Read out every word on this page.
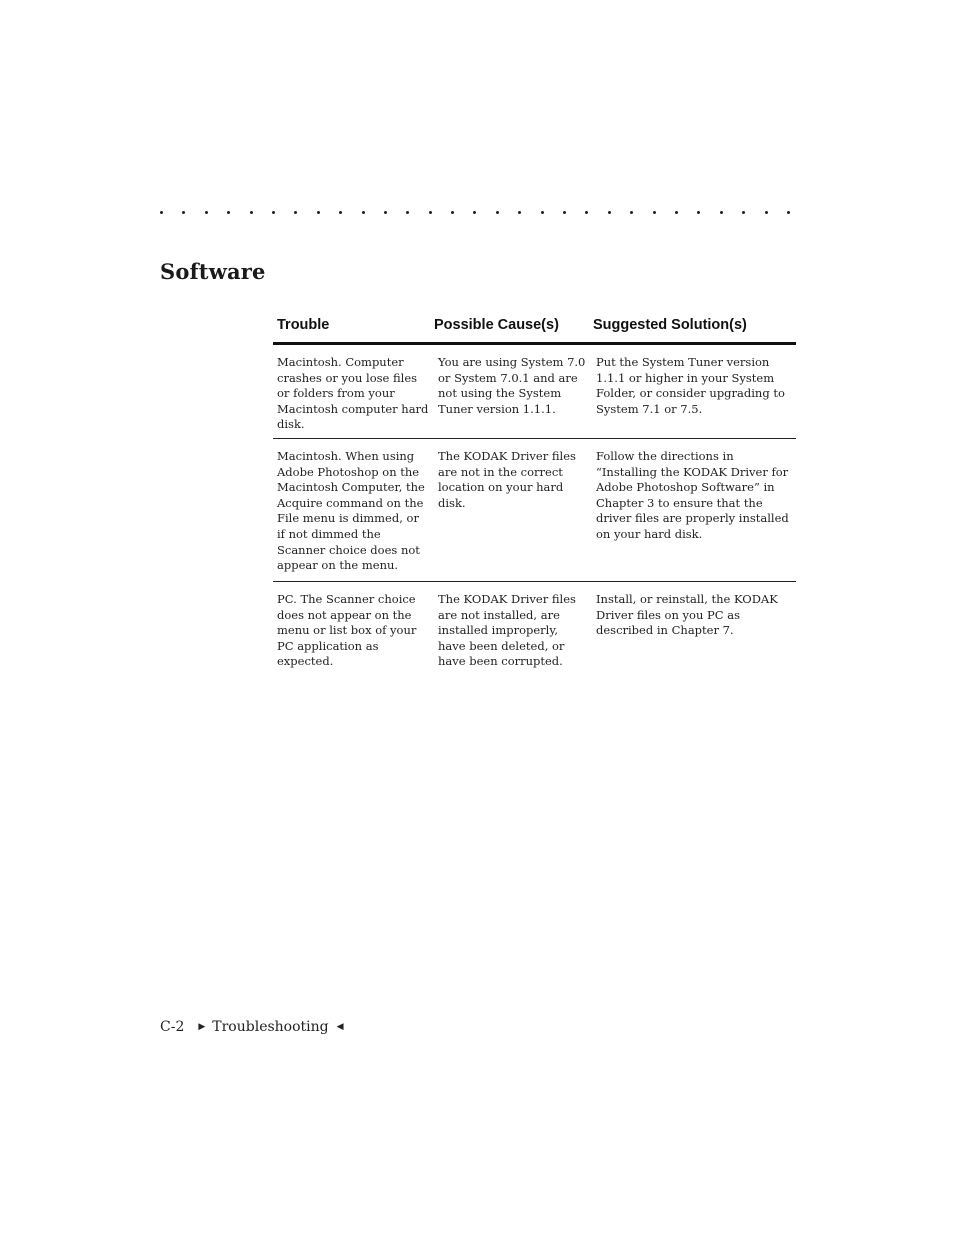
Software
Trouble	Possible Cause(s)	Suggested Solution(s)
Macintosh. Computer crashes or you lose files or folders from your Macintosh computer hard disk.
You are using System 7.0 or System 7.0.1 and are not using the System Tuner version 1.1.1.
Put the System Tuner version 1.1.1 or higher in your System Folder, or consider upgrading to System 7.1 or 7.5.
Macintosh. When using Adobe Photoshop on the Macintosh Computer, the Acquire command on the File menu is dimmed, or if not dimmed the Scanner choice does not appear on the menu.
The KODAK Driver files are not in the correct location on your hard disk.
Follow the directions in “Installing the KODAK Driver for Adobe Photoshop Software” in Chapter 3 to ensure that the driver files are properly installed on your hard disk.
PC. The Scanner choice does not appear on the menu or list box of your PC application as expected.
The KODAK Driver files are not installed, are installed improperly, have been deleted, or have been corrupted.
Install, or reinstall, the KODAK Driver files on you PC as described in Chapter 7.
C-2 ▶ Troubleshooting ◀
